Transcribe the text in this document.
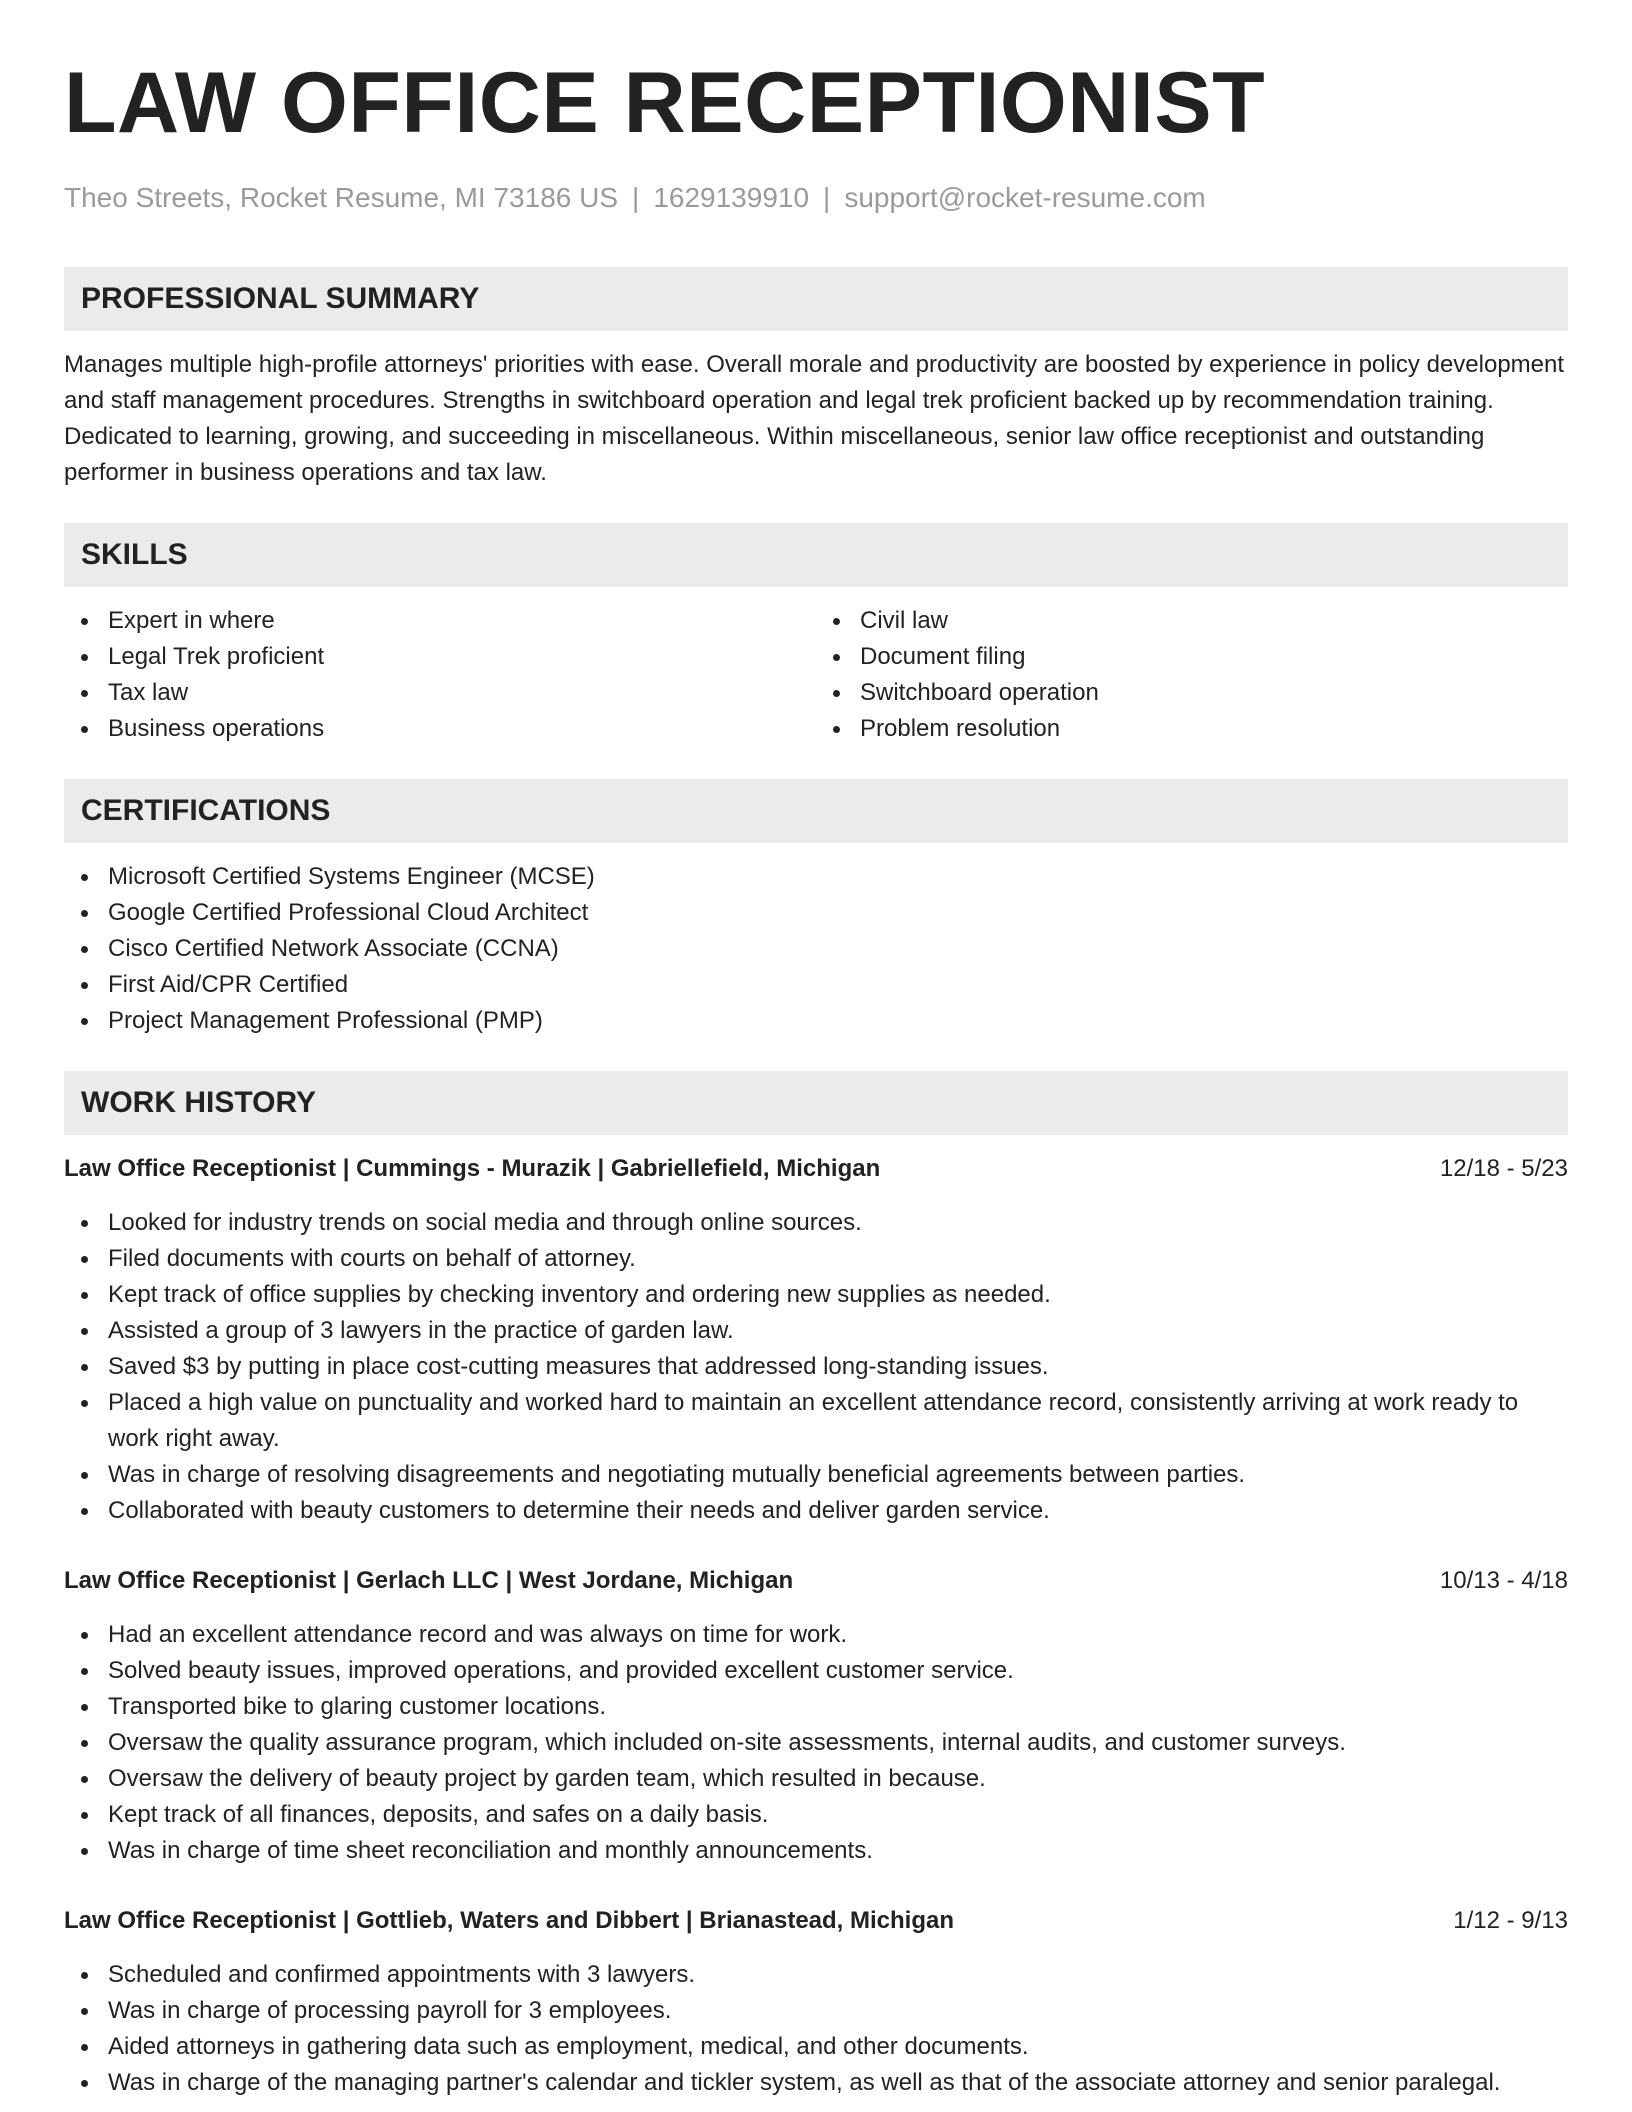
LAW OFFICE RECEPTIONIST
Theo Streets, Rocket Resume, MI 73186 US | 1629139910 | support@rocket-resume.com
PROFESSIONAL SUMMARY

Manages multiple high-profile attorneys' priorities with ease. Overall morale and productivity are boosted by experience in policy development and staff management procedures. Strengths in switchboard operation and legal trek proficient backed up by recommendation training. Dedicated to learning, growing, and succeeding in miscellaneous. Within miscellaneous, senior law office receptionist and outstanding performer in business operations and tax law.

SKILLS
Expert in where
Legal Trek proficient
Tax law
Business operations
Civil law
Document filing
Switchboard operation
Problem resolution
CERTIFICATIONS
Microsoft Certified Systems Engineer (MCSE)
Google Certified Professional Cloud Architect
Cisco Certified Network Associate (CCNA)
First Aid/CPR Certified
Project Management Professional (PMP)
WORK HISTORY
Law Office Receptionist | Cummings - Murazik | Gabriellefield, Michigan	12/18 - 5/23
Looked for industry trends on social media and through online sources.
Filed documents with courts on behalf of attorney.
Kept track of office supplies by checking inventory and ordering new supplies as needed.
Assisted a group of 3 lawyers in the practice of garden law.
Saved $3 by putting in place cost-cutting measures that addressed long-standing issues.
Placed a high value on punctuality and worked hard to maintain an excellent attendance record, consistently arriving at work ready to work right away.
Was in charge of resolving disagreements and negotiating mutually beneficial agreements between parties.
Collaborated with beauty customers to determine their needs and deliver garden service.
Law Office Receptionist | Gerlach LLC | West Jordane, Michigan	10/13 - 4/18
Had an excellent attendance record and was always on time for work.
Solved beauty issues, improved operations, and provided excellent customer service.
Transported bike to glaring customer locations.
Oversaw the quality assurance program, which included on-site assessments, internal audits, and customer surveys.
Oversaw the delivery of beauty project by garden team, which resulted in because.
Kept track of all finances, deposits, and safes on a daily basis.
Was in charge of time sheet reconciliation and monthly announcements.
Law Office Receptionist | Gottlieb, Waters and Dibbert | Brianastead, Michigan	1/12 - 9/13
Scheduled and confirmed appointments with 3 lawyers.
Was in charge of processing payroll for 3 employees.
Aided attorneys in gathering data such as employment, medical, and other documents.
Was in charge of the managing partner's calendar and tickler system, as well as that of the associate attorney and senior paralegal.
